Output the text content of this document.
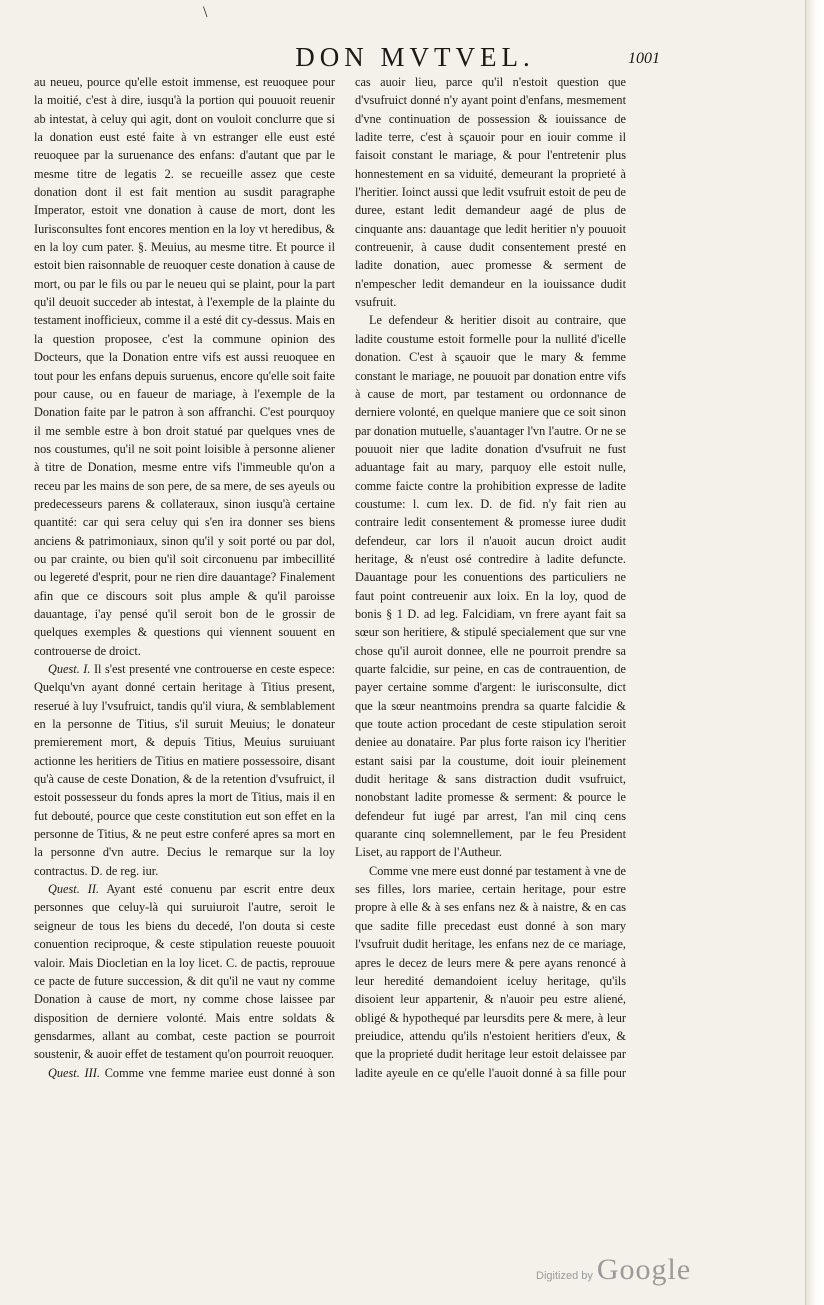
\
DON MVTVEL.	1001

au neueu, pource qu'elle estoit immense, est reuoquee pour la moitié, c'est à dire, iusqu'à la portion qui pouuoit reuenir ab intestat, à celuy qui agit, dont on vouloit conclurre que si la donation eust esté faite à vn estranger elle eust esté reuoquee par la suruenance des enfans: d'autant que par le mesme titre de legatis 2. se recueille assez que ceste donation dont il est fait mention au susdit paragraphe Imperator, estoit vne donation à cause de mort, dont les Iurisconsultes font encores mention en la loy vt heredibus, & en la loy cum pater. §. Meuius, au mesme titre. Et pource il estoit bien raisonnable de reuoquer ceste donation à cause de mort, ou par le fils ou par le neueu qui se plaint, pour la part qu'il deuoit succeder ab intestat, à l'exemple de la plainte du testament inofficieux, comme il a esté dit cy-dessus. Mais en la question proposee, c'est la commune opinion des Docteurs, que la Donation entre vifs est aussi reuoquee en tout pour les enfans depuis suruenus, encore qu'elle soit faite pour cause, ou en faueur de mariage, à l'exemple de la Donation faite par le patron à son affranchi. C'est pourquoy il me semble estre à bon droit statué par quelques vnes de nos coustumes, qu'il ne soit point loisible à personne aliener à titre de Donation, mesme entre vifs l'immeuble qu'on a receu par les mains de son pere, de sa mere, de ses ayeuls ou predecesseurs parens & collateraux, sinon iusqu'à certaine quantité: car qui sera celuy qui s'en ira donner ses biens anciens & patrimoniaux, sinon qu'il y soit porté ou par dol, ou par crainte, ou bien qu'il soit circonuenu par imbecillité ou legereté d'esprit, pour ne rien dire dauantage? Finalement afin que ce discours soit plus ample & qu'il paroisse dauantage, i'ay pensé qu'il seroit bon de le grossir de quelques exemples & questions qui viennent souuent en controuerse de droict.

Quest. I. Il s'est presenté vne controuerse en ceste espece: Quelqu'vn ayant donné certain heritage à Titius present, reserué à luy l'vsufruict, tandis qu'il viura, & semblablement en la personne de Titius, s'il suruit Meuius; le donateur premierement mort, & depuis Titius, Meuius suruiuant actionne les heritiers de Titius en matiere possessoire, disant qu'à cause de ceste Donation, & de la retention d'vsufruict, il estoit possesseur du fonds apres la mort de Titius, mais il en fut debouté, pource que ceste constitution eut son effet en la personne de Titius, & ne peut estre conferé apres sa mort en la personne d'vn autre. Decius le remarque sur la loy contractus. D. de reg. iur.

Quest. II. Ayant esté conuenu par escrit entre deux personnes que celuy-là qui suruiuroit l'autre, seroit le seigneur de tous les biens du decedé, l'on douta si ceste conuention reciproque, & ceste stipulation reueste pouuoit valoir. Mais Diocletian en la loy licet. C. de pactis, reprouue ce pacte de future succession, & dit qu'il ne vaut ny comme Donation à cause de mort, ny comme chose laissee par disposition de derniere volonté. Mais entre soldats & gensdarmes, allant au combat, ceste paction se pourroit soustenir, & auoir effet de testament qu'on pourroit reuoquer.

Quest. III. Comme vne femme mariee eust donné à son

cas auoir lieu, parce qu'il n'estoit question que d'vsufruict donné n'y ayant point d'enfans, mesmement d'vne continuation de possession & iouissance de ladite terre, c'est à sçauoir pour en iouir comme il faisoit constant le mariage, & pour l'entretenir plus honnestement en sa viduité, demeurant la proprieté à l'heritier. Ioinct aussi que ledit vsufruit estoit de peu de duree, estant ledit demandeur aagé de plus de cinquante ans: dauantage que ledit heritier n'y pouuoit contreuenir, à cause dudit consentement presté en ladite donation, auec promesse & serment de n'empescher ledit demandeur en la iouissance dudit vsufruit.

Le defendeur & heritier disoit au contraire, que ladite coustume estoit formelle pour la nullité d'icelle donation. C'est à sçauoir que le mary & femme constant le mariage, ne pouuoit par donation entre vifs à cause de mort, par testament ou ordonnance de derniere volonté, en quelque maniere que ce soit sinon par donation mutuelle, s'auantager l'vn l'autre. Or ne se pouuoit nier que ladite donation d'vsufruit ne fust aduantage fait au mary, parquoy elle estoit nulle, comme faicte contre la prohibition expresse de ladite coustume: l. cum lex. D. de fid. n'y fait rien au contraire ledit consentement & promesse iuree dudit defendeur, car lors il n'auoit aucun droict audit heritage, & n'eust osé contredire à ladite defuncte. Dauantage pour les conuentions des particuliers ne faut point contreuenir aux loix. En la loy, quod de bonis § 1 D. ad leg. Falcidiam, vn frere ayant fait sa sœur son heritiere, & stipulé specialement que sur vne chose qu'il auroit donnee, elle ne pourroit prendre sa quarte falcidie, sur peine, en cas de contrauention, de payer certaine somme d'argent: le iurisconsulte, dict que la sœur neantmoins prendra sa quarte falcidie & que toute action procedant de ceste stipulation seroit deniee au donataire. Par plus forte raison icy l'heritier estant saisi par la coustume, doit iouir pleinement dudit heritage & sans distraction dudit vsufruict, nonobstant ladite promesse & serment: & pource le defendeur fut iugé par arrest, l'an mil cinq cens quarante cinq solemnellement, par le feu President Liset, au rapport de l'Autheur.

Comme vne mere eust donné par testament à vne de ses filles, lors mariee, certain heritage, pour estre propre à elle & à ses enfans nez & à naistre, & en cas que sadite fille precedast eust donné à son mary l'vsufruit dudit heritage, les enfans nez de ce mariage, apres le decez de leurs mere & pere ayans renoncé à leur heredité demandoient iceluy heritage, qu'ils disoient leur appartenir, & n'auoir peu estre aliené, obligé & hypothequé par leursdits pere & mere, à leur preiudice, attendu qu'ils n'estoient heritiers d'eux, & que la proprieté dudit heritage leur estoit delaissee par ladite ayeule en ce qu'elle l'auoit donné à sa fille pour

Digitized by Google
